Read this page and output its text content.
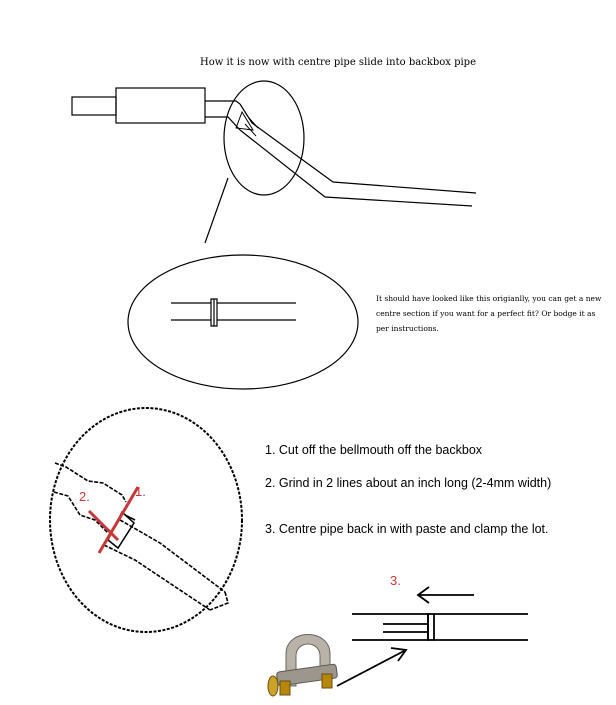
How it is now with centre pipe slide into backbox pipe
It should have looked like this origianlly, you can get a new centre section if you want for a perfect fit? Or bodge it as per instructions.
1. Cut off the bellmouth off the backbox
2. Grind in 2 lines about an inch long (2-4mm width)
3. Centre pipe back in with paste and clamp the lot.
1.
2.
3.
